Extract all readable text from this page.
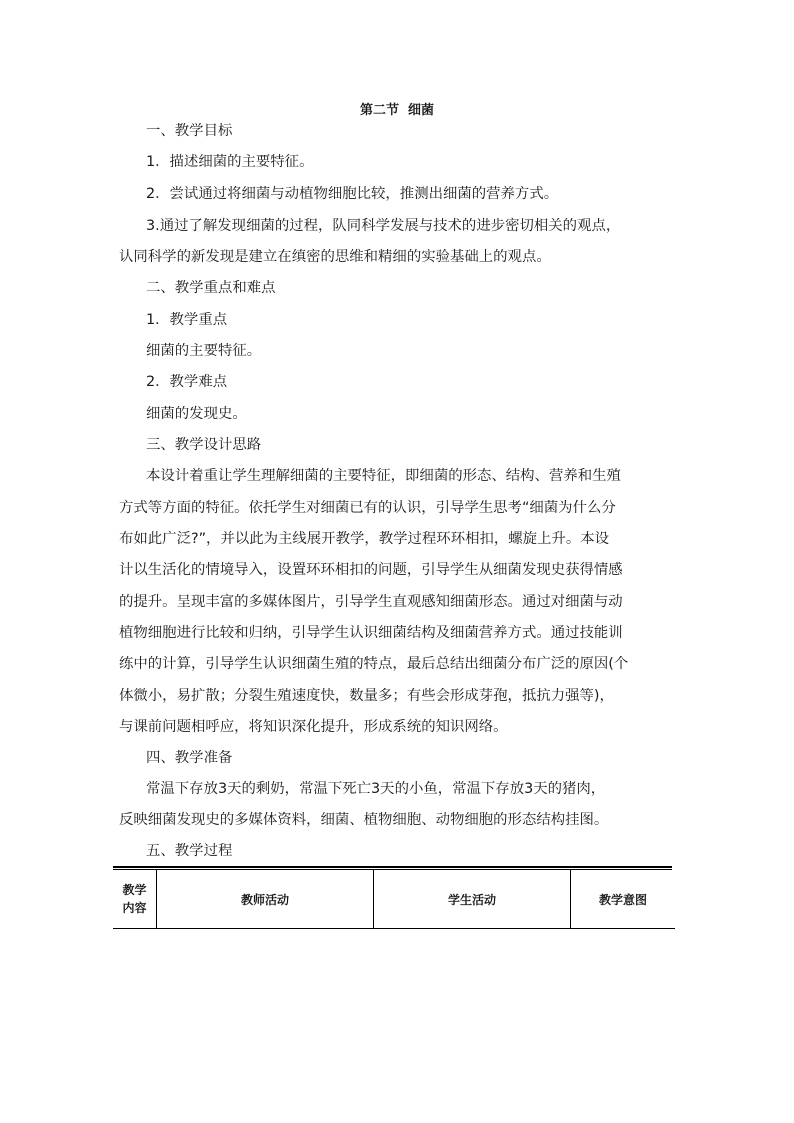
第二节  细菌
一、教学目标
1．描述细菌的主要特征。
2．尝试通过将细菌与动植物细胞比较，推测出细菌的营养方式。
3.通过了解发现细菌的过程，队同科学发展与技术的进步密切相关的观点，
认同科学的新发现是建立在缜密的思维和精细的实验基础上的观点。
二、教学重点和难点
1．教学重点
细菌的主要特征。
2．教学难点
细菌的发现史。
三、教学设计思路
本设计着重让学生理解细菌的主要特征，即细菌的形态、结构、营养和生殖
方式等方面的特征。依托学生对细菌已有的认识，引导学生思考“细菌为什么分
布如此广泛?”，并以此为主线展开教学，教学过程环环相扣，螺旋上升。本设
计以生活化的情境导入，设置环环相扣的问题，引导学生从细菌发现史获得情感
的提升。呈现丰富的多媒体图片，引导学生直观感知细菌形态。通过对细菌与动
植物细胞进行比较和归纳，引导学生认识细菌结构及细菌营养方式。通过技能训
练中的计算，引导学生认识细菌生殖的特点，最后总结出细菌分布广泛的原因(个
体微小，易扩散；分裂生殖速度快，数量多；有些会形成芽孢，抵抗力强等)，
与课前问题相呼应，将知识深化提升，形成系统的知识网络。
四、教学准备
常温下存放3天的剩奶，常温下死亡3天的小鱼，常温下存放3天的猪肉，
反映细菌发现史的多媒体资料，细菌、植物细胞、动物细胞的形态结构挂图。
五、教学过程
教学
内容	教师活动	学生活动	教学意图
